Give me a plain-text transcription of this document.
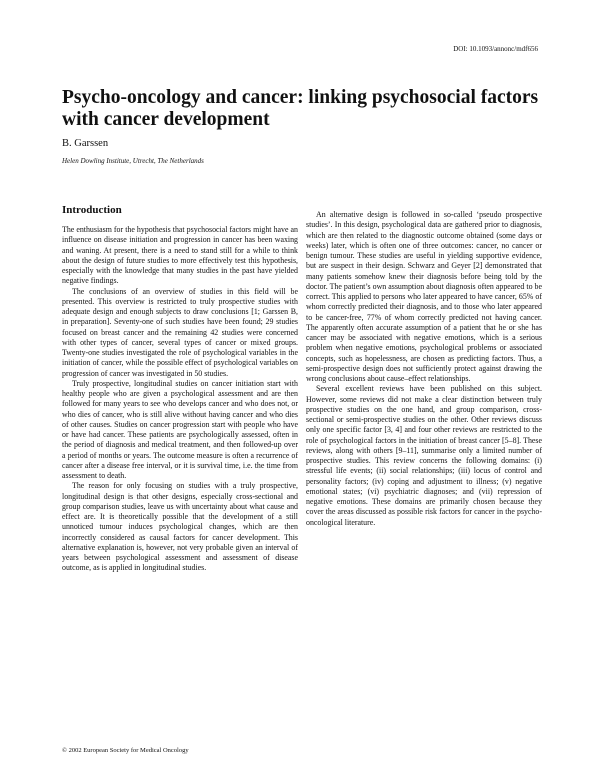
DOI: 10.1093/annonc/mdf656
Psycho-oncology and cancer: linking psychosocial factors with cancer development
B. Garssen
Helen Dowling Institute, Utrecht, The Netherlands
Introduction

The enthusiasm for the hypothesis that psychosocial factors might have an influence on disease initiation and progression in cancer has been waxing and waning. At present, there is a need to stand still for a while to think about the design of future studies to more effectively test this hypothesis, especially with the knowledge that many studies in the past have yielded negative findings.

The conclusions of an overview of studies in this field will be presented. This overview is restricted to truly prospective studies with adequate design and enough subjects to draw conclusions [1; Garssen B, in preparation]. Seventy-one of such studies have been found; 29 studies focused on breast cancer and the remaining 42 studies were concerned with other types of cancer, several types of cancer or mixed groups. Twenty-one studies investigated the role of psychological variables in the initiation of cancer, while the possible effect of psychological variables on progression of cancer was investigated in 50 studies.

Truly prospective, longitudinal studies on cancer initiation start with healthy people who are given a psychological assessment and are then followed for many years to see who develops cancer and who does not, or who dies of cancer, who is still alive without having cancer and who dies of other causes. Studies on cancer progression start with people who have or have had cancer. These patients are psychologically assessed, often in the period of diagnosis and medical treatment, and then followed-up over a period of months or years. The outcome measure is often a recurrence of cancer after a disease free interval, or it is survival time, i.e. the time from assessment to death.

The reason for only focusing on studies with a truly prospective, longitudinal design is that other designs, especially cross-sectional and group comparison studies, leave us with uncertainty about what cause and effect are. It is theoretically possible that the development of a still unnoticed tumour induces psychological changes, which are then incorrectly considered as causal factors for cancer development. This alternative explanation is, however, not very probable given an interval of years between psychological assessment and assessment of disease outcome, as is applied in longitudinal studies.

An alternative design is followed in so-called ‘pseudo prospective studies’. In this design, psychological data are gathered prior to diagnosis, which are then related to the diagnostic outcome obtained (some days or weeks) later, which is often one of three outcomes: cancer, no cancer or benign tumour. These studies are useful in yielding supportive evidence, but are suspect in their design. Schwarz and Geyer [2] demonstrated that many patients somehow knew their diagnosis before being told by the doctor. The patient’s own assumption about diagnosis often appeared to be correct. This applied to persons who later appeared to have cancer, 65% of whom correctly predicted their diagnosis, and to those who later appeared to be cancer-free, 77% of whom correctly predicted not having cancer. The apparently often accurate assumption of a patient that he or she has cancer may be associated with negative emotions, which is a serious problem when negative emotions, psychological problems or associated concepts, such as hopelessness, are chosen as predicting factors. Thus, a semi-prospective design does not sufficiently protect against drawing the wrong conclusions about cause–effect relationships.

Several excellent reviews have been published on this subject. However, some reviews did not make a clear distinction between truly prospective studies on the one hand, and group comparison, cross-sectional or semi-prospective studies on the other. Other reviews discuss only one specific factor [3, 4] and four other reviews are restricted to the role of psychological factors in the initiation of breast cancer [5–8]. These reviews, along with others [9–11], summarise only a limited number of prospective studies. This review concerns the following domains: (i) stressful life events; (ii) social relationships; (iii) locus of control and personality factors; (iv) coping and adjustment to illness; (v) negative emotional states; (vi) psychiatric diagnoses; and (vii) repression of negative emotions. These domains are primarily chosen because they cover the areas discussed as possible risk factors for cancer in the psycho-oncological literature.

© 2002 European Society for Medical Oncology
